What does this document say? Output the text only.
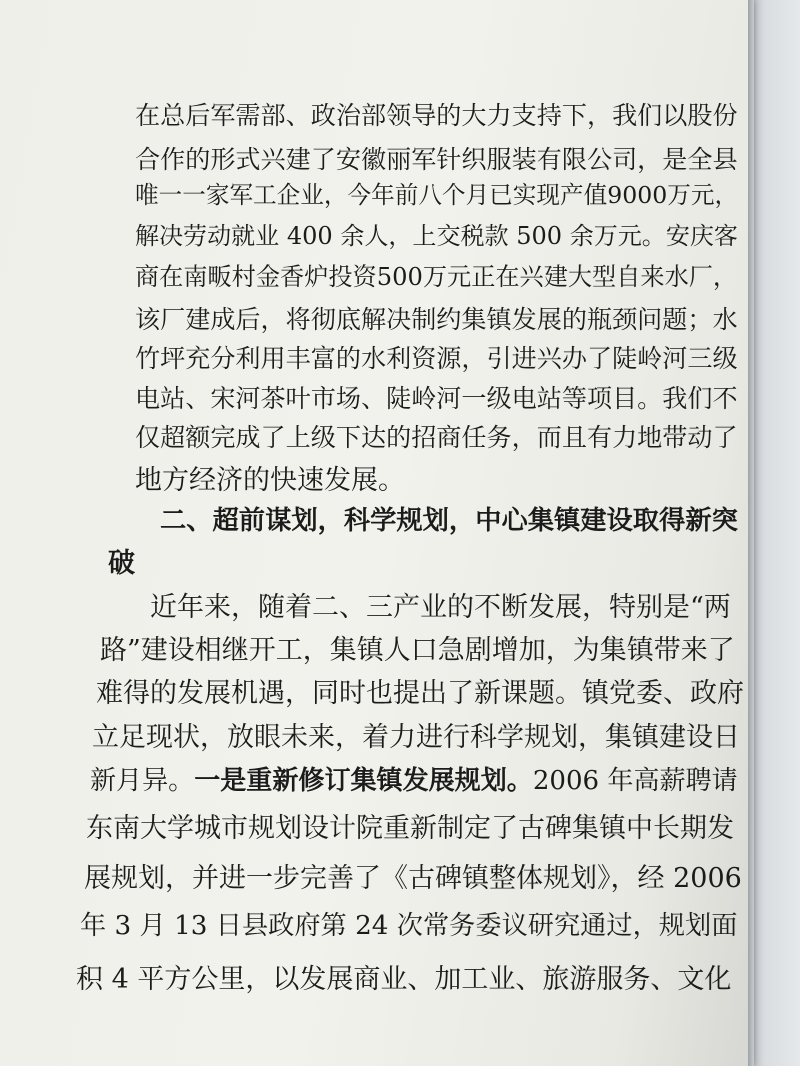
在总后军需部、政治部领导的大力支持下，我们以股份
合作的形式兴建了安徽丽军针织服装有限公司，是全县
唯一一家军工企业，今年前八个月已实现产值9000万元，
解决劳动就业 400 余人，上交税款 500 余万元。安庆客
商在南畈村金香炉投资500万元正在兴建大型自来水厂，
该厂建成后，将彻底解决制约集镇发展的瓶颈问题；水
竹坪充分利用丰富的水利资源，引进兴办了陡岭河三级
电站、宋河茶叶市场、陡岭河一级电站等项目。我们不
仅超额完成了上级下达的招商任务，而且有力地带动了
地方经济的快速发展。
二、超前谋划，科学规划，中心集镇建设取得新突
破
近年来，随着二、三产业的不断发展，特别是“两
路”建设相继开工，集镇人口急剧增加，为集镇带来了
难得的发展机遇，同时也提出了新课题。镇党委、政府
立足现状，放眼未来，着力进行科学规划，集镇建设日
新月异。一是重新修订集镇发展规划。2006 年高薪聘请
东南大学城市规划设计院重新制定了古碑集镇中长期发
展规划，并进一步完善了《古碑镇整体规划》，经 2006
年 3 月 13 日县政府第 24 次常务委议研究通过，规划面
积 4 平方公里，以发展商业、加工业、旅游服务、文化
